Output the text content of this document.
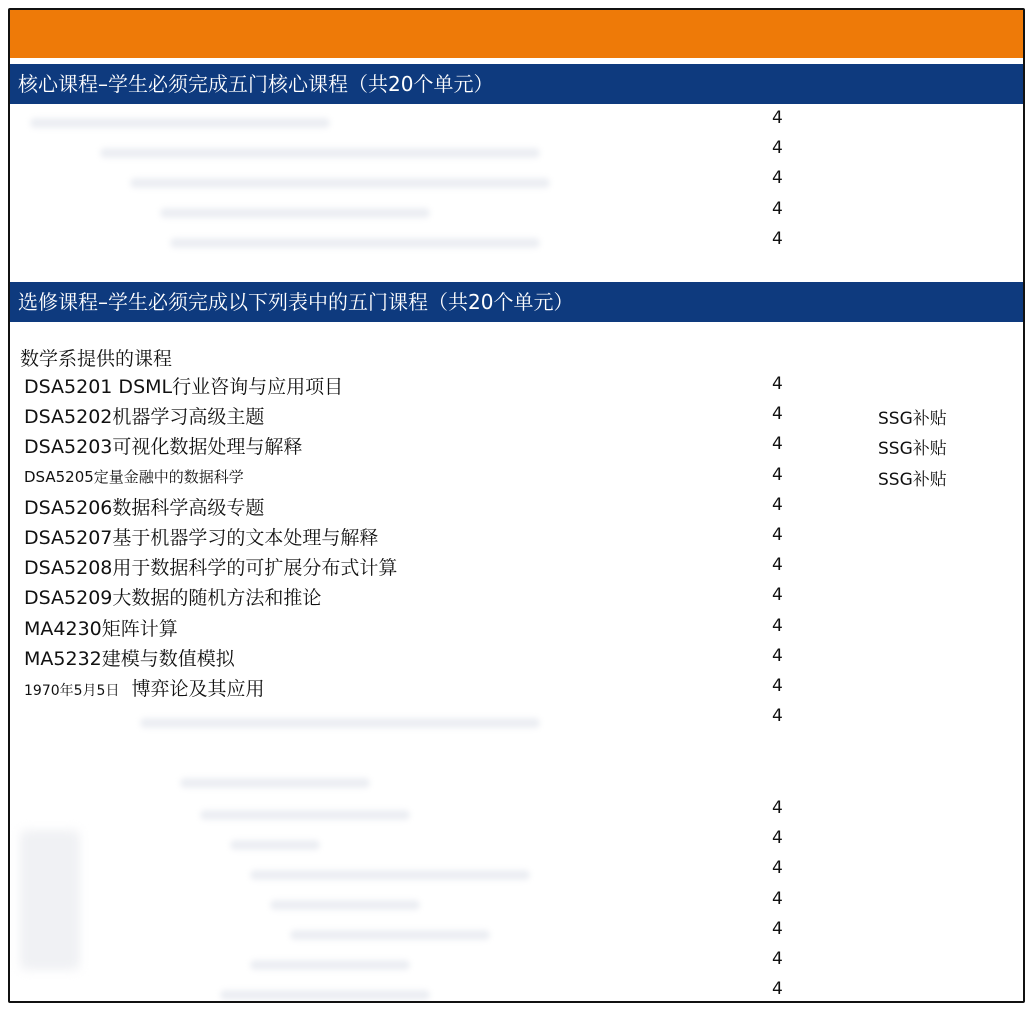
核心课程–学生必须完成五门核心课程（共20个单元）
4
4
4
4
4
选修课程–学生必须完成以下列表中的五门课程（共20个单元）
数学系提供的课程
DSA5201 DSML行业咨询与应用项目	4
DSA5202机器学习高级主题	4	SSG补贴
DSA5203可视化数据处理与解释	4	SSG补贴
DSA5205定量金融中的数据科学	4	SSG补贴
DSA5206数据科学高级专题	4
DSA5207基于机器学习的文本处理与解释	4
DSA5208用于数据科学的可扩展分布式计算	4
DSA5209大数据的随机方法和推论	4
MA4230矩阵计算	4
MA5232建模与数值模拟	4
1970年5月5日 博弈论及其应用	4
4
4
4
4
4
4
4
4
